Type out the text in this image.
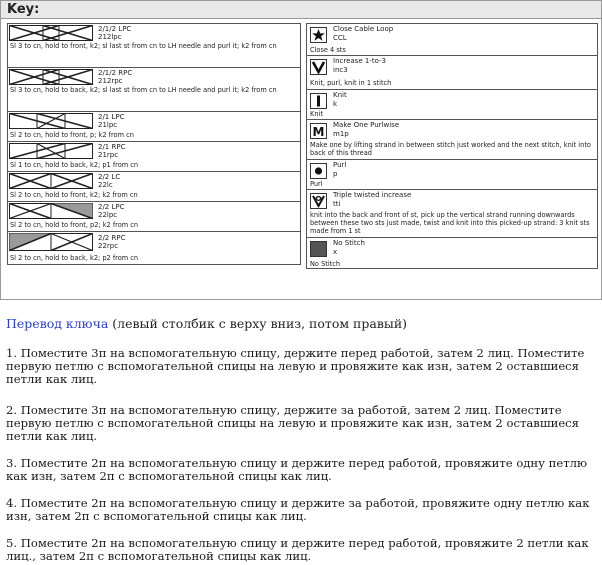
Key:
2/1/2 LPC
212lpc
Sl 3 to cn, hold to front, k2; sl last st from cn to LH needle and purl it; k2 from cn
2/1/2 RPC
212rpc
Sl 3 to cn, hold to back, k2; sl last st from cn to LH needle and purl it; k2 from cn
2/1 LPC
21lpc
Sl 2 to cn, hold to front, p; k2 from cn
2/1 RPC
21rpc
Sl 1 to cn, hold to back, k2; p1 from cn
2/2 LC
22lc
Sl 2 to cn, hold to front, k2; k2 from cn
2/2 LPC
22lpc
Sl 2 to cn, hold to front, p2; k2 from cn
2/2 RPC
22rpc
Sl 2 to cn, hold to back, k2; p2 from cn
Close Cable Loop
CCL
Close 4 sts
Increase 1-to-3
inc3
Knit, purl, knit in 1 stitch
Knit
k
Knit
M Make One Purlwise
m1p
Make one by lifting strand in between stitch just worked and the next stitch, knit into back of this thread
Purl
p
Purl
Triple twisted increase
tti
knit into the back and front of st, pick up the vertical strand running downwards between these two sts just made, twist and knit into this picked-up strand: 3 knit sts made from 1 st
No Stitch
x
No Stitch
Перевод ключа (левый столбик с верху вниз, потом правый)
1. Поместите 3п на вспомогательную спицу, держите перед работой, затем 2 лиц. Поместите первую петлю с вспомогательной спицы на левую и провяжите как изн, затем 2 оставшиеся петли как лиц.
2. Поместите 3п на вспомогательную спицу, держите за работой, затем 2 лиц. Поместите первую петлю с вспомогательной спицы на левую и провяжите как изн, затем 2 оставшиеся петли как лиц.
3. Поместите 2п на вспомогательную спицу и держите перед работой, провяжите одну петлю как изн, затем 2п с вспомогательной спицы как лиц.
4. Поместите 2п на вспомогательную спицу и держите за работой, провяжите одну петлю как изн, затем 2п с вспомогательной спицы как лиц.
5. Поместите 2п на вспомогательную спицу и держите перед работой, провяжите 2 петли как лиц., затем 2п с вспомогательной спицы как лиц.
